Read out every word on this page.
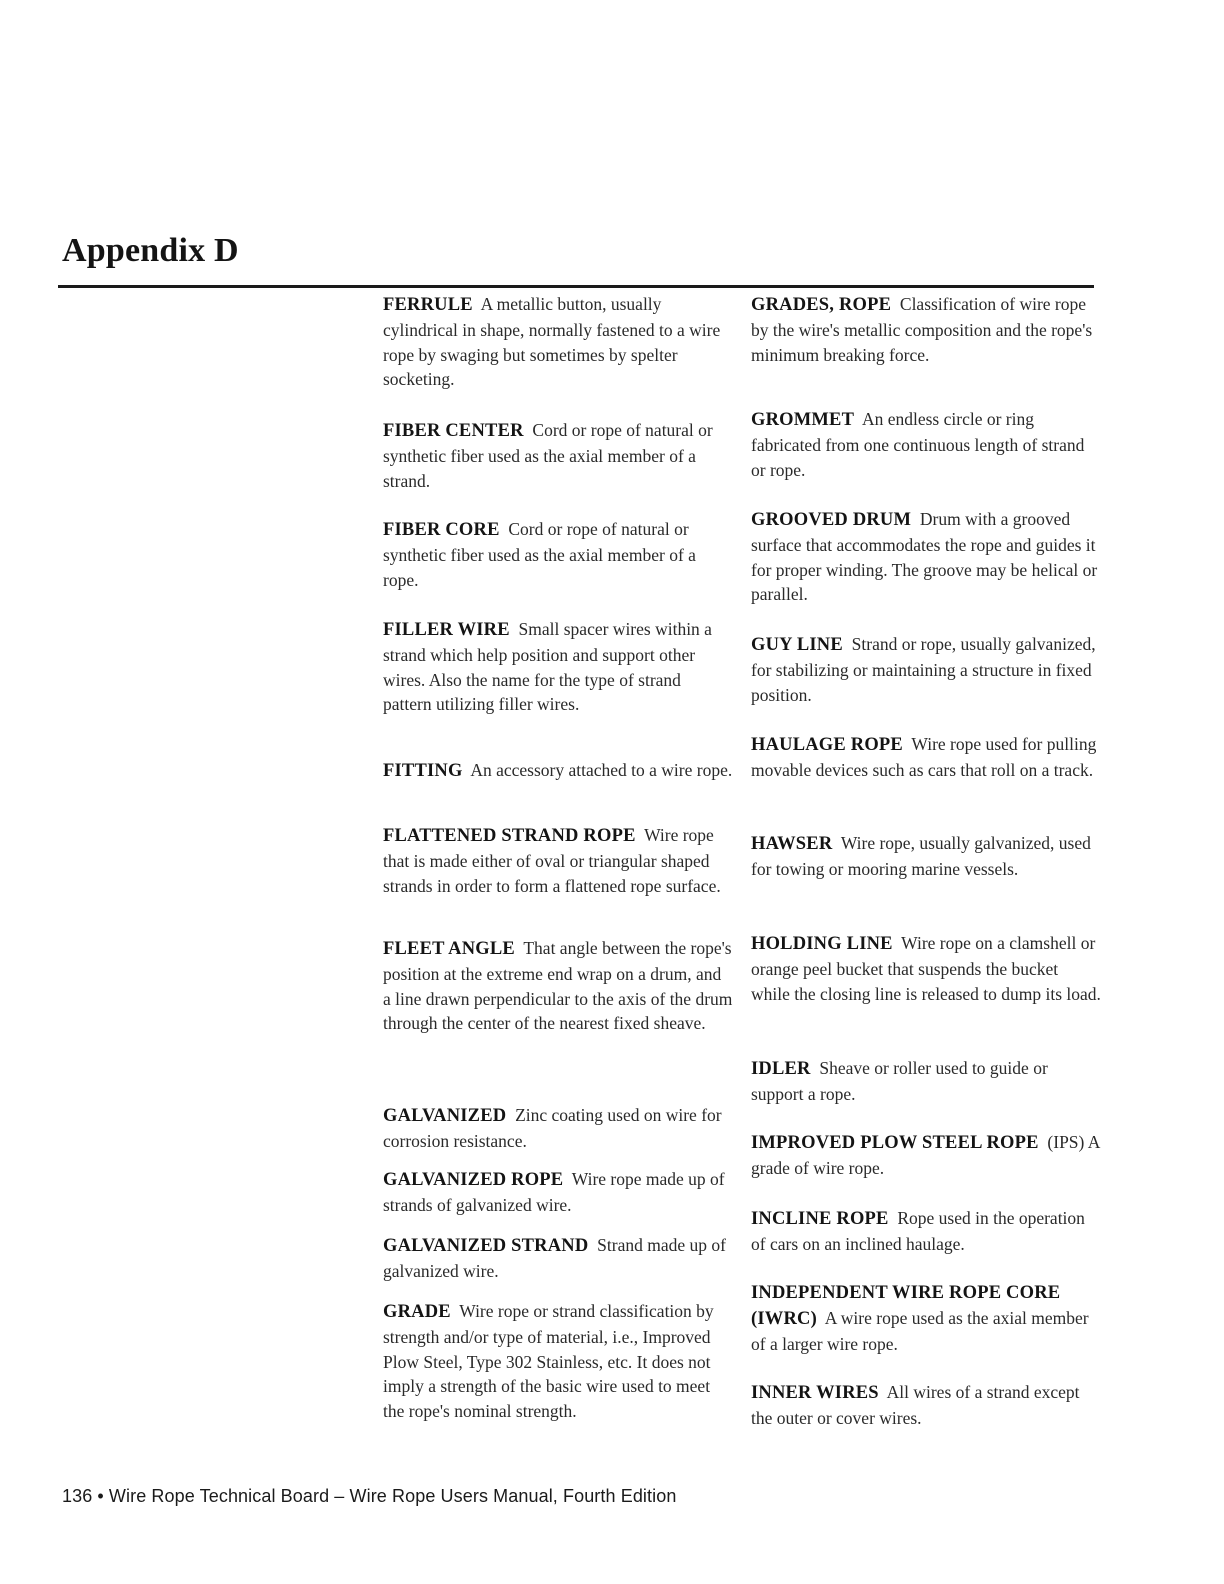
Appendix D

FERRULE A metallic button, usually cylindrical in shape, normally fastened to a wire rope by swaging but sometimes by spelter socketing.

FIBER CENTER Cord or rope of natural or synthetic fiber used as the axial member of a strand.

FIBER CORE Cord or rope of natural or synthetic fiber used as the axial member of a rope.

FILLER WIRE Small spacer wires within a strand which help position and support other wires. Also the name for the type of strand pattern utilizing filler wires.

FITTING An accessory attached to a wire rope.

FLATTENED STRAND ROPE Wire rope that is made either of oval or triangular shaped strands in order to form a flattened rope surface.

FLEET ANGLE That angle between the rope's position at the extreme end wrap on a drum, and a line drawn perpendicular to the axis of the drum through the center of the nearest fixed sheave.

GALVANIZED Zinc coating used on wire for corrosion resistance.

GALVANIZED ROPE Wire rope made up of strands of galvanized wire.

GALVANIZED STRAND Strand made up of galvanized wire.

GRADE Wire rope or strand classification by strength and/or type of material, i.e., Improved Plow Steel, Type 302 Stainless, etc. It does not imply a strength of the basic wire used to meet the rope's nominal strength.

GRADES, ROPE Classification of wire rope by the wire's metallic composition and the rope's minimum breaking force.

GROMMET An endless circle or ring fabricated from one continuous length of strand or rope.

GROOVED DRUM Drum with a grooved surface that accommodates the rope and guides it for proper winding. The groove may be helical or parallel.

GUY LINE Strand or rope, usually galvanized, for stabilizing or maintaining a structure in fixed position.

HAULAGE ROPE Wire rope used for pulling movable devices such as cars that roll on a track.

HAWSER Wire rope, usually galvanized, used for towing or mooring marine vessels.

HOLDING LINE Wire rope on a clamshell or orange peel bucket that suspends the bucket while the closing line is released to dump its load.

IDLER Sheave or roller used to guide or support a rope.

IMPROVED PLOW STEEL ROPE (IPS) A grade of wire rope.

INCLINE ROPE Rope used in the operation of cars on an inclined haulage.

INDEPENDENT WIRE ROPE CORE (IWRC) A wire rope used as the axial member of a larger wire rope.

INNER WIRES All wires of a strand except the outer or cover wires.

136 • Wire Rope Technical Board – Wire Rope Users Manual, Fourth Edition
